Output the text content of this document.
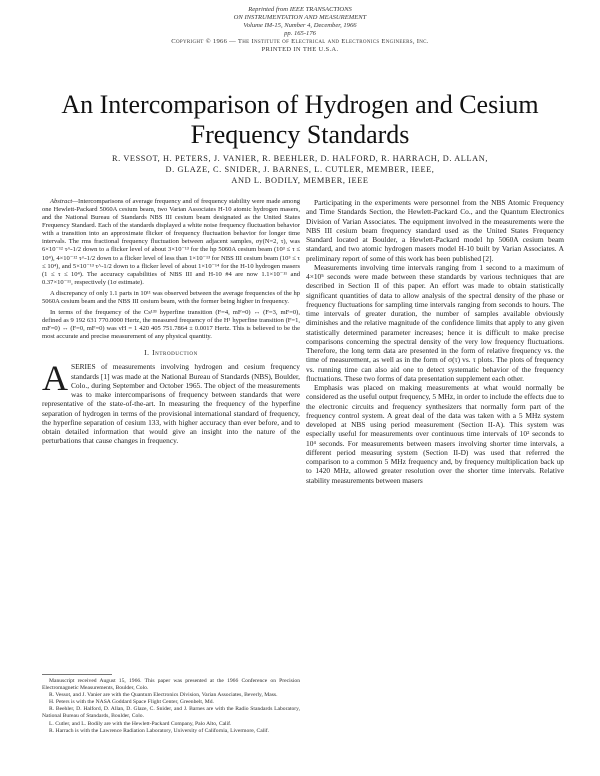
Reprinted from IEEE TRANSACTIONS
ON INSTRUMENTATION AND MEASUREMENT
Volume IM-15, Number 4, December, 1966
pp. 165-176
Copyright © 1966 — The Institute of Electrical and Electronics Engineers, Inc.
PRINTED IN THE U.S.A.
An Intercomparison of Hydrogen and Cesium
Frequency Standards
R. VESSOT, H. PETERS, J. VANIER, R. BEEHLER, D. HALFORD, R. HARRACH, D. ALLAN,
D. GLAZE, C. SNIDER, J. BARNES, L. CUTLER, MEMBER, IEEE,
AND L. BODILY, MEMBER, IEEE

Abstract—Intercomparisons of average frequency and of frequency stability were made among one Hewlett-Packard 5060A cesium beam, two Varian Associates H-10 atomic hydrogen masers, and the National Bureau of Standards NBS III cesium beam designated as the United States Frequency Standard. Each of the standards displayed a white noise frequency fluctuation behavior with a transition into an approximate flicker of frequency fluctuation behavior for longer time intervals. The rms fractional frequency fluctuation between adjacent samples, σy(N=2, τ), was 6×10⁻¹² τ^-1/2 down to a flicker level of about 3×10⁻¹³ for the hp 5060A cesium beam (10³ ≤ τ ≤ 10⁴), 4×10⁻¹² τ^-1/2 down to a flicker level of less than 1×10⁻¹³ for NBS III cesium beam (10³ ≤ τ ≤ 10⁴), and 5×10⁻¹³ τ^-1/2 down to a flicker level of about 1×10⁻¹⁴ for the H-10 hydrogen masers (1 ≤ τ ≤ 10⁴). The accuracy capabilities of NBS III and H-10 #4 are now 1.1×10⁻¹¹ and 0.37×10⁻¹¹, respectively (1σ estimate).

A discrepancy of only 1.1 parts in 10¹¹ was observed between the average frequencies of the hp 5060A cesium beam and the NBS III cesium beam, with the former being higher in frequency.

In terms of the frequency of the Cs¹³³ hyperfine transition (F=4, mF=0) ↔ (F=3, mF=0), defined as 9 192 631 770.0000 Hertz, the measured frequency of the H¹ hyperfine transition (F=1, mF=0) ↔ (F=0, mF=0) was νH = 1 420 405 751.7864 ± 0.0017 Hertz. This is believed to be the most accurate and precise measurement of any physical quantity.

I. Introduction

ASERIES of measurements involving hydrogen and cesium frequency standards [1] was made at the National Bureau of Standards (NBS), Boulder, Colo., during September and October 1965. The object of the measurements was to make intercomparisons of frequency between standards that were representative of the state-of-the-art. In measuring the frequency of the hyperfine separation of hydrogen in terms of the provisional international standard of frequency, the hyperfine separation of cesium 133, with higher accuracy than ever before, and to obtain detailed information that would give an insight into the nature of the perturbations that cause changes in frequency.

Manuscript received August 15, 1966. This paper was presented at the 1966 Conference on Precision Electromagnetic Measurements, Boulder, Colo.

R. Vessot, and J. Vanier are with the Quantum Electronics Division, Varian Associates, Beverly, Mass.

H. Peters is with the NASA Goddard Space Flight Center, Greenbelt, Md.

R. Beehler, D. Halford, D. Allan, D. Glaze, C. Snider, and J. Barnes are with the Radio Standards Laboratory, National Bureau of Standards, Boulder, Colo.

L. Cutler, and L. Bodily are with the Hewlett-Packard Company, Palo Alto, Calif.

R. Harrach is with the Lawrence Radiation Laboratory, University of California, Livermore, Calif.

Participating in the experiments were personnel from the NBS Atomic Frequency and Time Standards Section, the Hewlett-Packard Co., and the Quantum Electronics Division of Varian Associates. The equipment involved in the measurements were the NBS III cesium beam frequency standard used as the United States Frequency Standard located at Boulder, a Hewlett-Packard model hp 5060A cesium beam standard, and two atomic hydrogen masers model H-10 built by Varian Associates. A preliminary report of some of this work has been published [2].

Measurements involving time intervals ranging from 1 second to a maximum of 4×10⁵ seconds were made between these standards by various techniques that are described in Section II of this paper. An effort was made to obtain statistically significant quantities of data to allow analysis of the spectral density of the phase or frequency fluctuations for sampling time intervals ranging from seconds to hours. The time intervals of greater duration, the number of samples available obviously diminishes and the relative magnitude of the confidence limits that apply to any given statistically determined parameter increases; hence it is difficult to make precise comparisons concerning the spectral density of the very low frequency fluctuations. Therefore, the long term data are presented in the form of relative frequency vs. the time of measurement, as well as in the form of σ(τ) vs. τ plots. The plots of frequency vs. running time can also aid one to detect systematic behavior of the frequency fluctuations. These two forms of data presentation supplement each other.

Emphasis was placed on making measurements at what would normally be considered as the useful output frequency, 5 MHz, in order to include the effects due to the electronic circuits and frequency synthesizers that normally form part of the frequency control system. A great deal of the data was taken with a 5 MHz system developed at NBS using period measurement (Section II-A). This system was especially useful for measurements over continuous time intervals of 10² seconds to 10⁴ seconds. For measurements between masers involving shorter time intervals, a different period measuring system (Section II-D) was used that referred the comparison to a common 5 MHz frequency and, by frequency multiplication back up to 1420 MHz, allowed greater resolution over the shorter time intervals. Relative stability measurements between masers
